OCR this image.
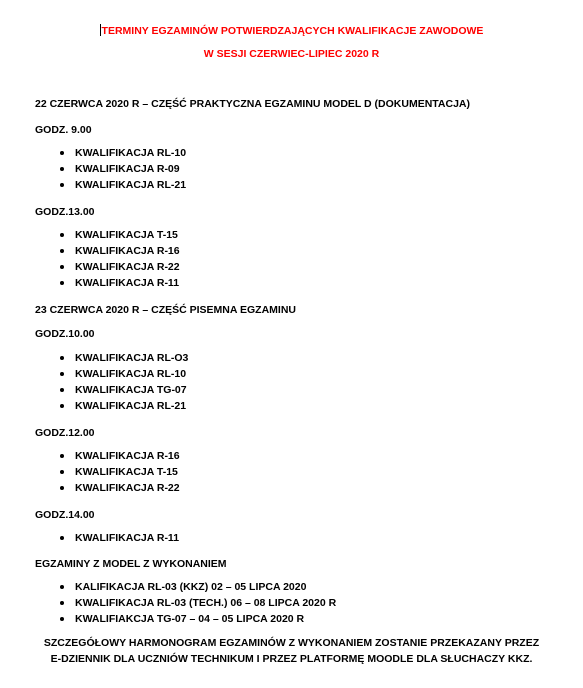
TERMINY EGZAMINÓW POTWIERDZAJĄCYCH KWALIFIKACJE ZAWODOWE
W SESJI CZERWIEC-LIPIEC 2020 R
22 CZERWCA 2020 R – CZĘŚĆ PRAKTYCZNA EGZAMINU MODEL D (DOKUMENTACJA)
GODZ. 9.00
KWALIFIKACJA RL-10
KWALIFIKACJA R-09
KWALIFIKACJA RL-21
GODZ.13.00
KWALIFIKACJA T-15
KWALIFIKACJA R-16
KWALIFIKACJA R-22
KWALIFIKACJA R-11
23 CZERWCA 2020 R – CZĘŚĆ PISEMNA EGZAMINU
GODZ.10.00
KWALIFIKACJA RL-O3
KWALIFIKACJA RL-10
KWALIFIKACJA TG-07
KWALIFIKACJA RL-21
GODZ.12.00
KWALIFIKACJA R-16
KWALIFIKACJA T-15
KWALIFIKACJA R-22
GODZ.14.00
KWALIFIKACJA R-11
EGZAMINY Z MODEL Z WYKONANIEM
KALIFIKACJA RL-03 (KKZ) 02 – 05 LIPCA 2020
KWALIFIKACJA RL-03 (TECH.) 06 – 08 LIPCA 2020 R
KWALIFIAKCJA TG-07 – 04 – 05 LIPCA 2020 R
SZCZEGÓŁOWY HARMONOGRAM EGZAMINÓW Z WYKONANIEM ZOSTANIE PRZEKAZANY PRZEZ
E-DZIENNIK DLA UCZNIÓW TECHNIKUM I PRZEZ PLATFORMĘ MOODLE DLA SŁUCHACZY KKZ.
